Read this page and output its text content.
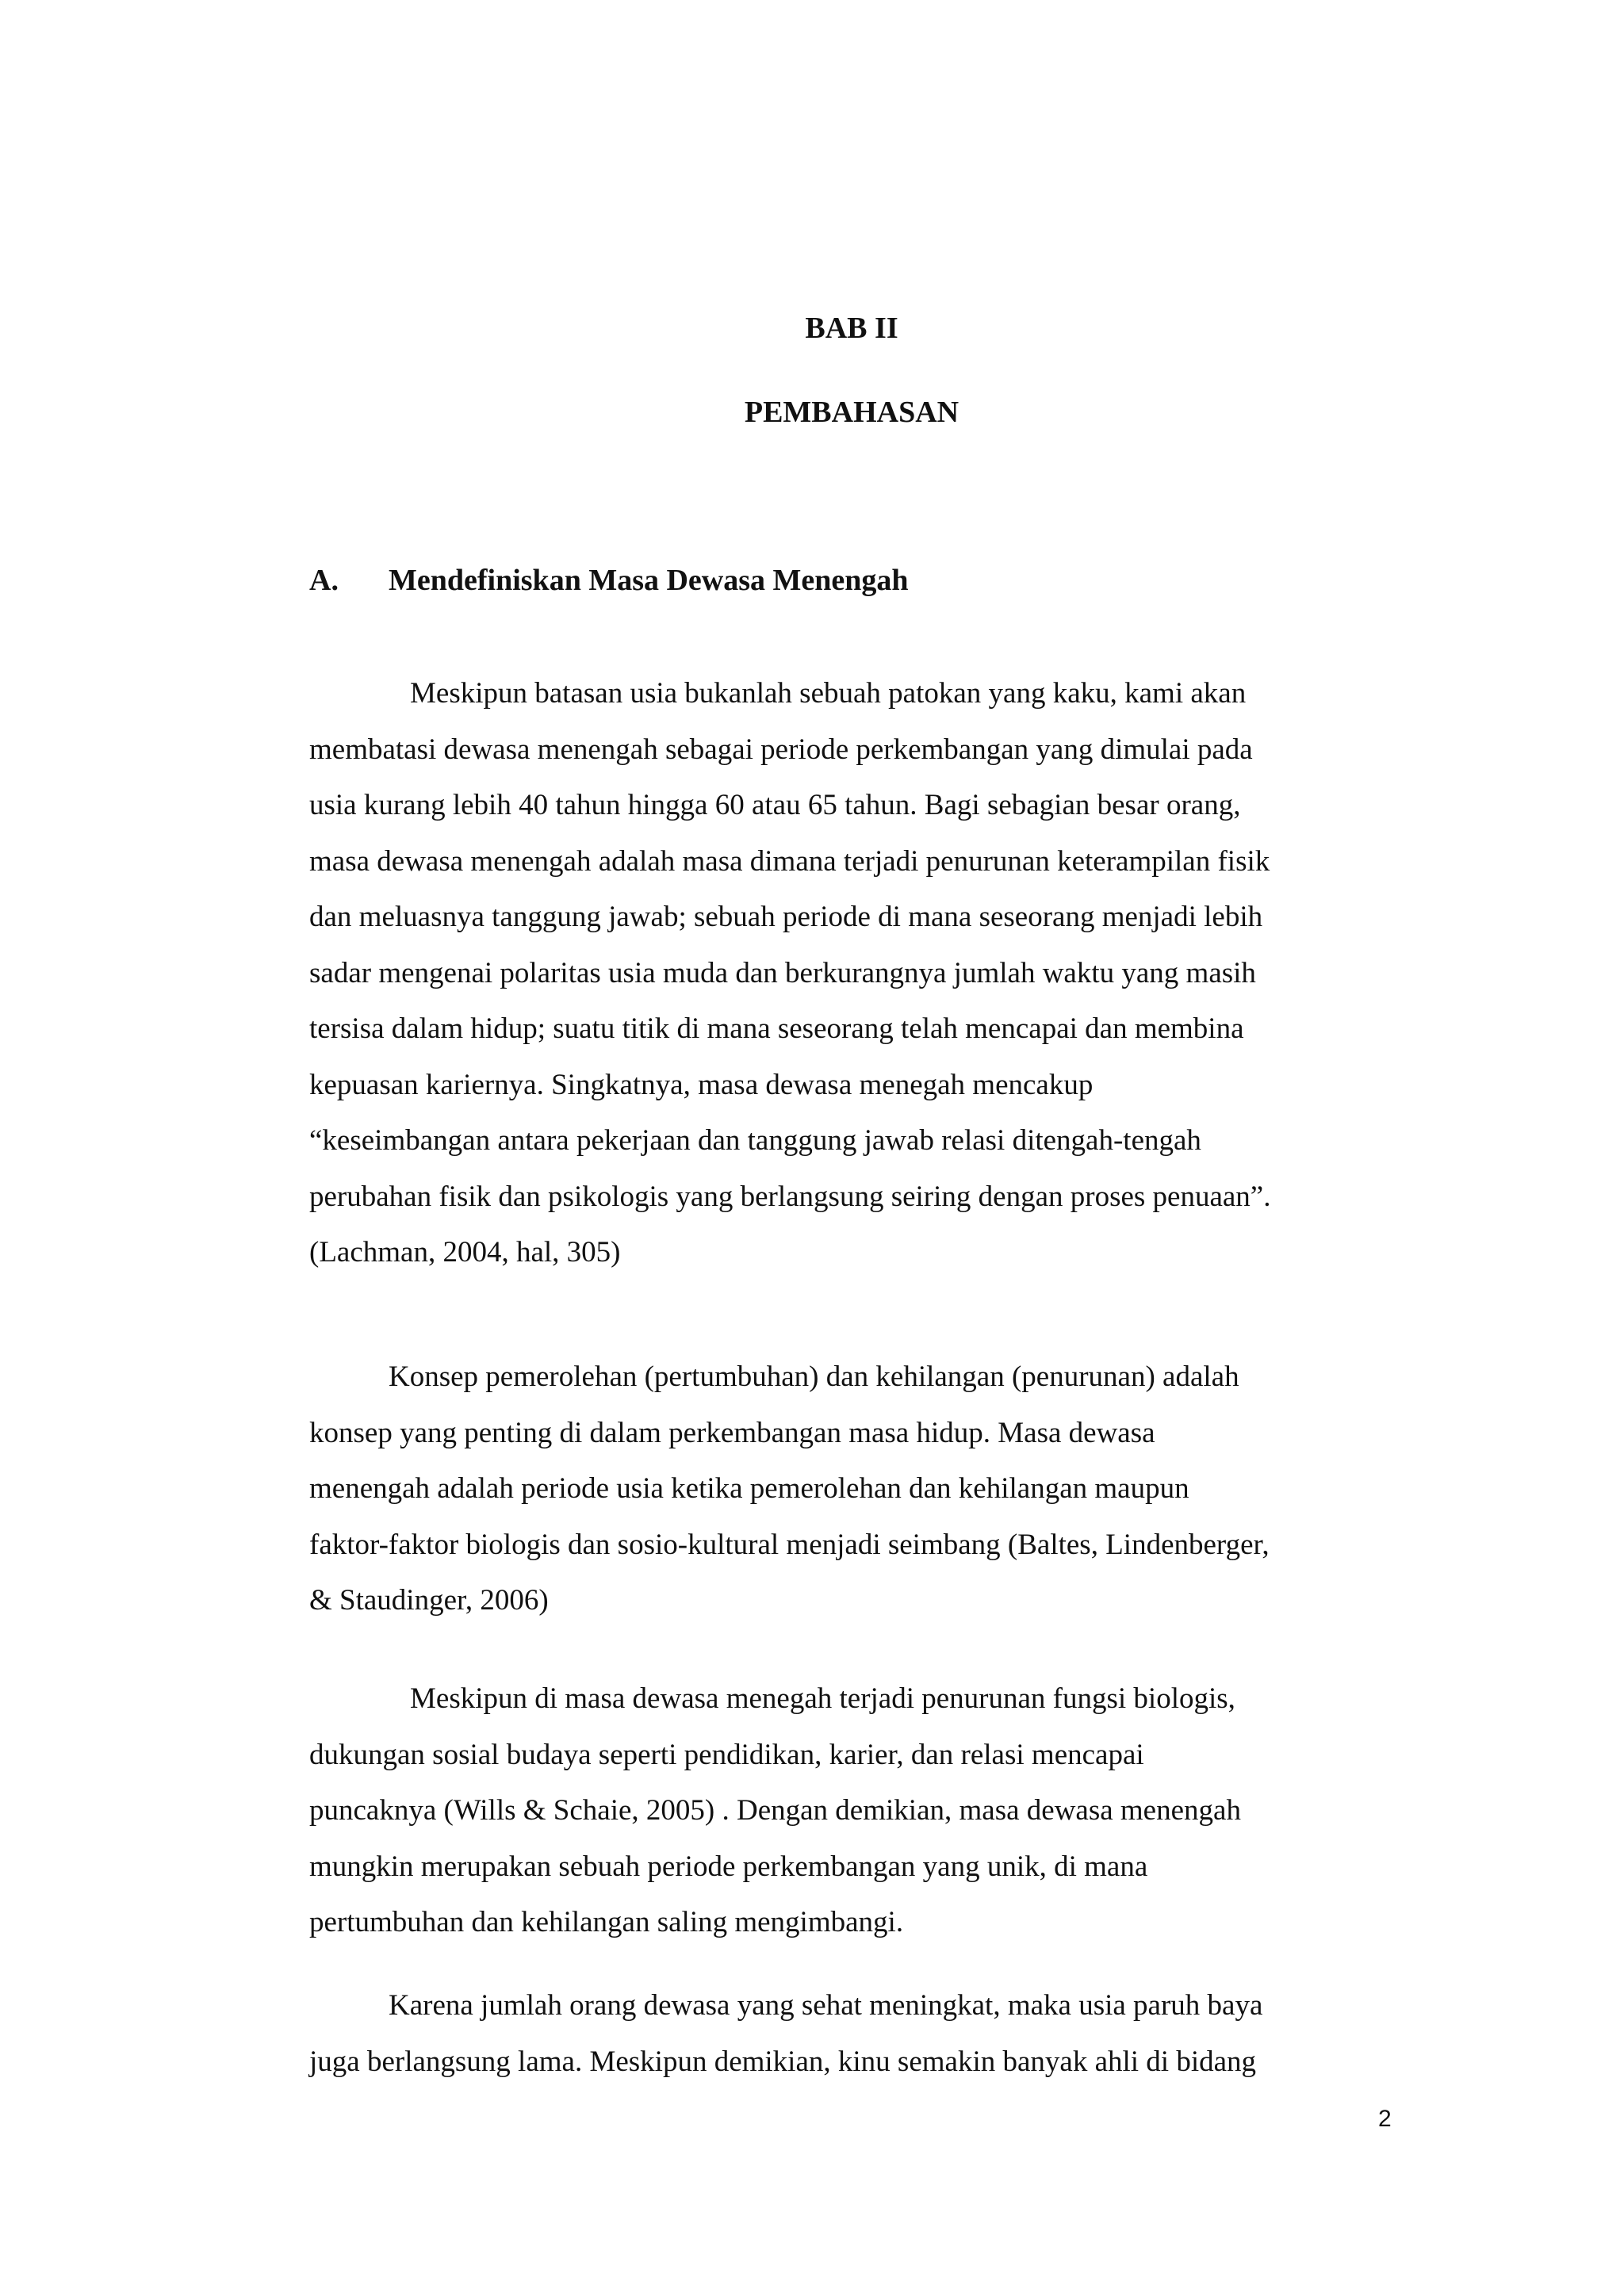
BAB II
PEMBAHASAN
A. Mendefiniskan Masa Dewasa Menengah

Meskipun batasan usia bukanlah sebuah patokan yang kaku, kami akan
membatasi dewasa menengah sebagai periode perkembangan yang dimulai pada
usia kurang lebih 40 tahun hingga 60 atau 65 tahun. Bagi sebagian besar orang,
masa dewasa menengah adalah masa dimana terjadi penurunan keterampilan fisik
dan meluasnya tanggung jawab; sebuah periode di mana seseorang menjadi lebih
sadar mengenai polaritas usia muda dan berkurangnya jumlah waktu yang masih
tersisa dalam hidup; suatu titik di mana seseorang telah mencapai dan membina
kepuasan kariernya. Singkatnya, masa dewasa menegah mencakup
“keseimbangan antara pekerjaan dan tanggung jawab relasi ditengah-tengah
perubahan fisik dan psikologis yang berlangsung seiring dengan proses penuaan”.
(Lachman, 2004, hal, 305)

Konsep pemerolehan (pertumbuhan) dan kehilangan (penurunan) adalah
konsep yang penting di dalam perkembangan masa hidup. Masa dewasa
menengah adalah periode usia ketika pemerolehan dan kehilangan maupun
faktor-faktor biologis dan sosio-kultural menjadi seimbang (Baltes, Lindenberger,
& Staudinger, 2006)

Meskipun di masa dewasa menegah terjadi penurunan fungsi biologis,
dukungan sosial budaya seperti pendidikan, karier, dan relasi mencapai
puncaknya (Wills & Schaie, 2005) . Dengan demikian, masa dewasa menengah
mungkin merupakan sebuah periode perkembangan yang unik, di mana
pertumbuhan dan kehilangan saling mengimbangi.

Karena jumlah orang dewasa yang sehat meningkat, maka usia paruh baya
juga berlangsung lama. Meskipun demikian, kinu semakin banyak ahli di bidang

2
